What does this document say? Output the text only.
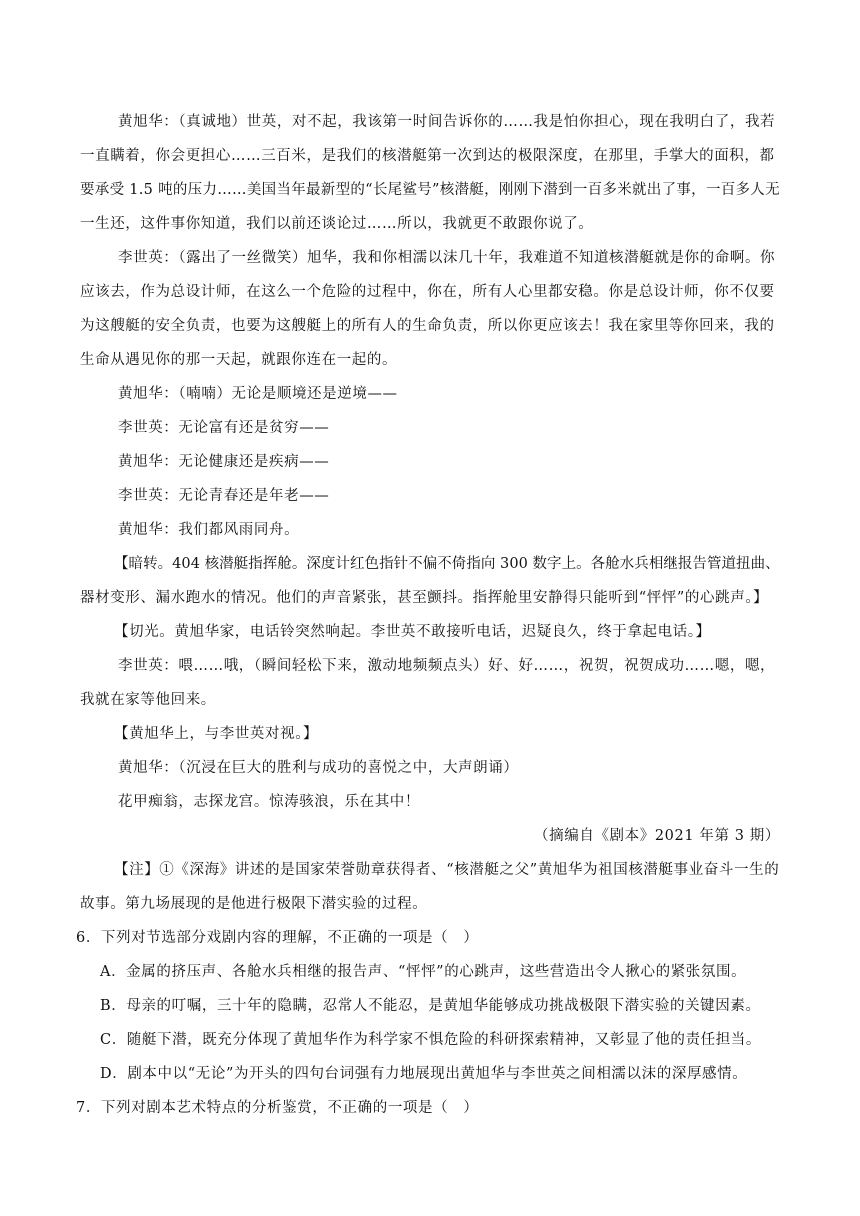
黄旭华：（真诚地）世英，对不起，我该第一时间告诉你的……我是怕你担心，现在我明白了，我若
一直瞒着，你会更担心……三百米，是我们的核潜艇第一次到达的极限深度，在那里，手掌大的面积，都
要承受 1.5 吨的压力……美国当年最新型的“长尾鲨号”核潜艇，刚刚下潜到一百多米就出了事，一百多人无
一生还，这件事你知道，我们以前还谈论过……所以，我就更不敢跟你说了。
李世英：（露出了一丝微笑）旭华，我和你相濡以沫几十年，我难道不知道核潜艇就是你的命啊。你
应该去，作为总设计师，在这么一个危险的过程中，你在，所有人心里都安稳。你是总设计师，你不仅要
为这艘艇的安全负责，也要为这艘艇上的所有人的生命负责，所以你更应该去！我在家里等你回来，我的
生命从遇见你的那一天起，就跟你连在一起的。
黄旭华：（喃喃）无论是顺境还是逆境——
李世英：无论富有还是贫穷——
黄旭华：无论健康还是疾病——
李世英：无论青春还是年老——
黄旭华：我们都风雨同舟。
【暗转。404 核潜艇指挥舱。深度计红色指针不偏不倚指向 300 数字上。各舱水兵相继报告管道扭曲、
器材变形、漏水跑水的情况。他们的声音紧张，甚至颤抖。指挥舱里安静得只能听到“怦怦”的心跳声。】
【切光。黄旭华家，电话铃突然响起。李世英不敢接听电话，迟疑良久，终于拿起电话。】
李世英：喂……哦，（瞬间轻松下来，激动地频频点头）好、好……，祝贺，祝贺成功……嗯，嗯，
我就在家等他回来。
【黄旭华上，与李世英对视。】
黄旭华：（沉浸在巨大的胜利与成功的喜悦之中，大声朗诵）
花甲痴翁，志探龙宫。惊涛骇浪，乐在其中！
（摘编自《剧本》2021 年第 3 期）
【注】①《深海》讲述的是国家荣誉勋章获得者、“核潜艇之父”黄旭华为祖国核潜艇事业奋斗一生的
故事。第九场展现的是他进行极限下潜实验的过程。
6．下列对节选部分戏剧内容的理解，不正确的一项是（　）
A．金属的挤压声、各舱水兵相继的报告声、“怦怦”的心跳声，这些营造出令人揪心的紧张氛围。
B．母亲的叮嘱，三十年的隐瞒，忍常人不能忍，是黄旭华能够成功挑战极限下潜实验的关键因素。
C．随艇下潜，既充分体现了黄旭华作为科学家不惧危险的科研探索精神，又彰显了他的责任担当。
D．剧本中以“无论”为开头的四句台词强有力地展现出黄旭华与李世英之间相濡以沫的深厚感情。
7．下列对剧本艺术特点的分析鉴赏，不正确的一项是（　）
